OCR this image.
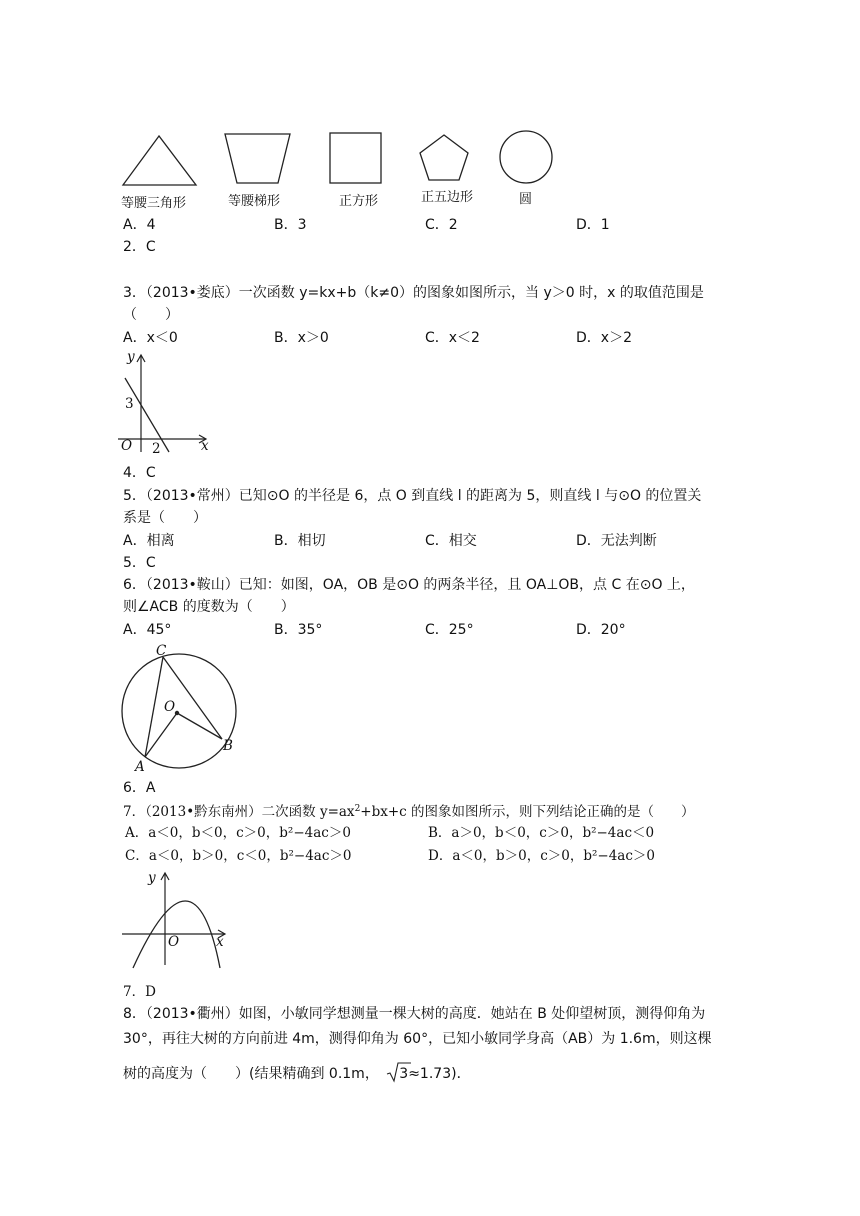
等腰三角形	等腰梯形	正方形	正五边形	圆
A．4	B．3	C．2	D．1
2．C
3．（2013•娄底）一次函数 y=kx+b（k≠0）的图象如图所示，当 y＞0 时，x 的取值范围是
（　　）
A．x＜0	B．x＞0	C．x＜2	D．x＞2
y
3
O 2	x
4．C
5．（2013•常州）已知⊙O 的半径是 6，点 O 到直线 l 的距离为 5，则直线 l 与⊙O 的位置关
系是（　　）
A．相离	B．相切	C．相交	D．无法判断
5．C
6．（2013•鞍山）已知：如图，OA，OB 是⊙O 的两条半径，且 OA⊥OB，点 C 在⊙O 上，
则∠ACB 的度数为（　　）
A．45°	B．35°	C．25°	D．20°
C
O
B
A
6．A
7．（2013•黔东南州）二次函数 $y=ax^2+bx+c$ 的图象如图所示，则下列结论正确的是（　　）
A．a＜0，b＜0，c＞0，b²−4ac＞0	B．a＞0，b＜0，c＞0，b²−4ac＜0
C．a＜0，b＞0，c＜0，b²−4ac＞0	D．a＜0，b＞0，c＞0，b²−4ac＞0
y
O	x
7．D
8．（2013•衢州）如图，小敏同学想测量一棵大树的高度．她站在 B 处仰望树顶，测得仰角为
30°，再往大树的方向前进 4m，测得仰角为 60°，已知小敏同学身高（AB）为 1.6m，则这棵
树的高度为（　　）(结果精确到 0.1m， 3≈1.73)．
